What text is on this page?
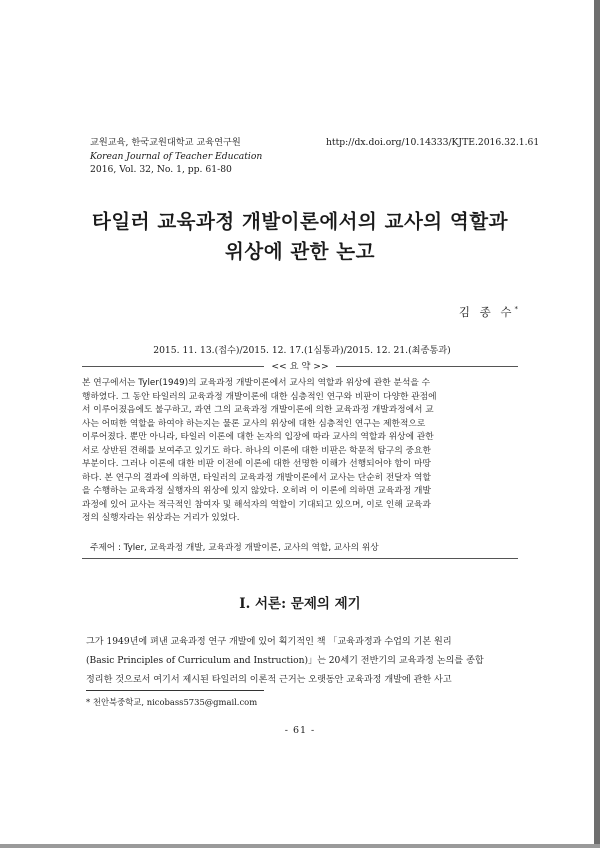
교원교육, 한국교원대학교 교육연구원
Korean Journal of Teacher Education
2016, Vol. 32, No. 1, pp. 61-80
http://dx.doi.org/10.14333/KJTE.2016.32.1.61
타일러 교육과정 개발이론에서의 교사의 역할과
위상에 관한 논고
김 종 수*
2015. 11. 13.(접수)/2015. 12. 17.(1심통과)/2015. 12. 21.(최종통과)
<< 요 약 >>
본 연구에서는 Tyler(1949)의 교육과정 개발이론에서 교사의 역할과 위상에 관한 분석을 수
행하였다. 그 동안 타일러의 교육과정 개발이론에 대한 심층적인 연구와 비판이 다양한 관점에
서 이루어졌음에도 불구하고, 과연 그의 교육과정 개발이론에 의한 교육과정 개발과정에서 교
사는 어떠한 역할을 하여야 하는지는 물론 교사의 위상에 대한 심층적인 연구는 제한적으로
이루어졌다. 뿐만 아니라, 타일러 이론에 대한 논자의 입장에 따라 교사의 역할과 위상에 관한
서로 상반된 견해를 보여주고 있기도 하다. 하나의 이론에 대한 비판은 학문적 탐구의 중요한
부분이다. 그러나 이론에 대한 비판 이전에 이론에 대한 선명한 이해가 선행되어야 함이 마땅
하다. 본 연구의 결과에 의하면, 타일러의 교육과정 개발이론에서 교사는 단순히 전달자 역할
을 수행하는 교육과정 실행자의 위상에 있지 않았다. 오히려 이 이론에 의하면 교육과정 개발
과정에 있어 교사는 적극적인 참여자 및 해석자의 역할이 기대되고 있으며, 이로 인해 교육과
정의 실행자라는 위상과는 거리가 있었다.
주제어 : Tyler, 교육과정 개발, 교육과정 개발이론, 교사의 역할, 교사의 위상
Ⅰ. 서론: 문제의 제기
그가 1949년에 펴낸 교육과정 연구 개발에 있어 획기적인 책 「교육과정과 수업의 기본 원리
(Basic Principles of Curriculum and Instruction)」는 20세기 전반기의 교육과정 논의를 종합
정리한 것으로서 여기서 제시된 타일러의 이론적 근거는 오랫동안 교육과정 개발에 관한 사고
* 천안북중학교, nicobass5735@gmail.com
- 61 -
